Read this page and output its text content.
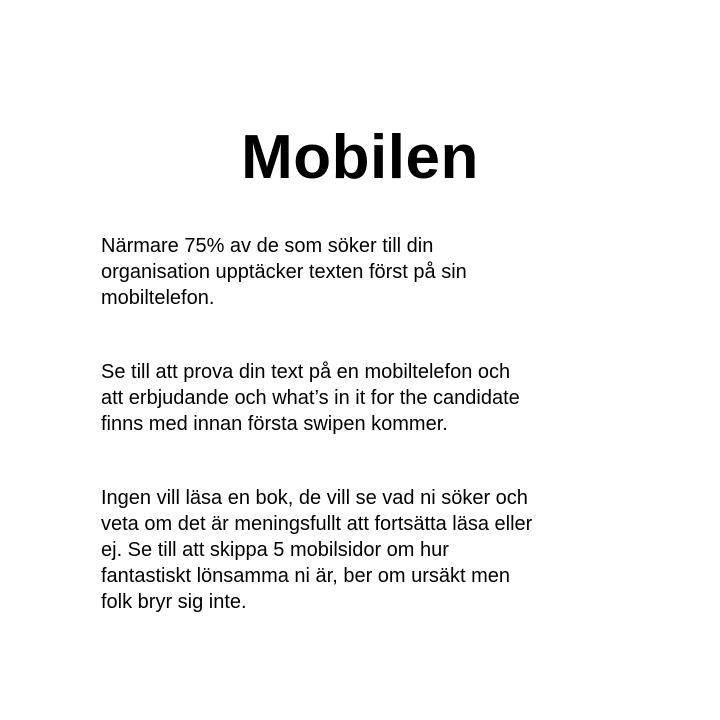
Mobilen

Närmare 75% av de som söker till din
organisation upptäcker texten först på sin
mobiltelefon.

Se till att prova din text på en mobiltelefon och
att erbjudande och what’s in it for the candidate
finns med innan första swipen kommer.

Ingen vill läsa en bok, de vill se vad ni söker och
veta om det är meningsfullt att fortsätta läsa eller
ej. Se till att skippa 5 mobilsidor om hur
fantastiskt lönsamma ni är, ber om ursäkt men
folk bryr sig inte.
